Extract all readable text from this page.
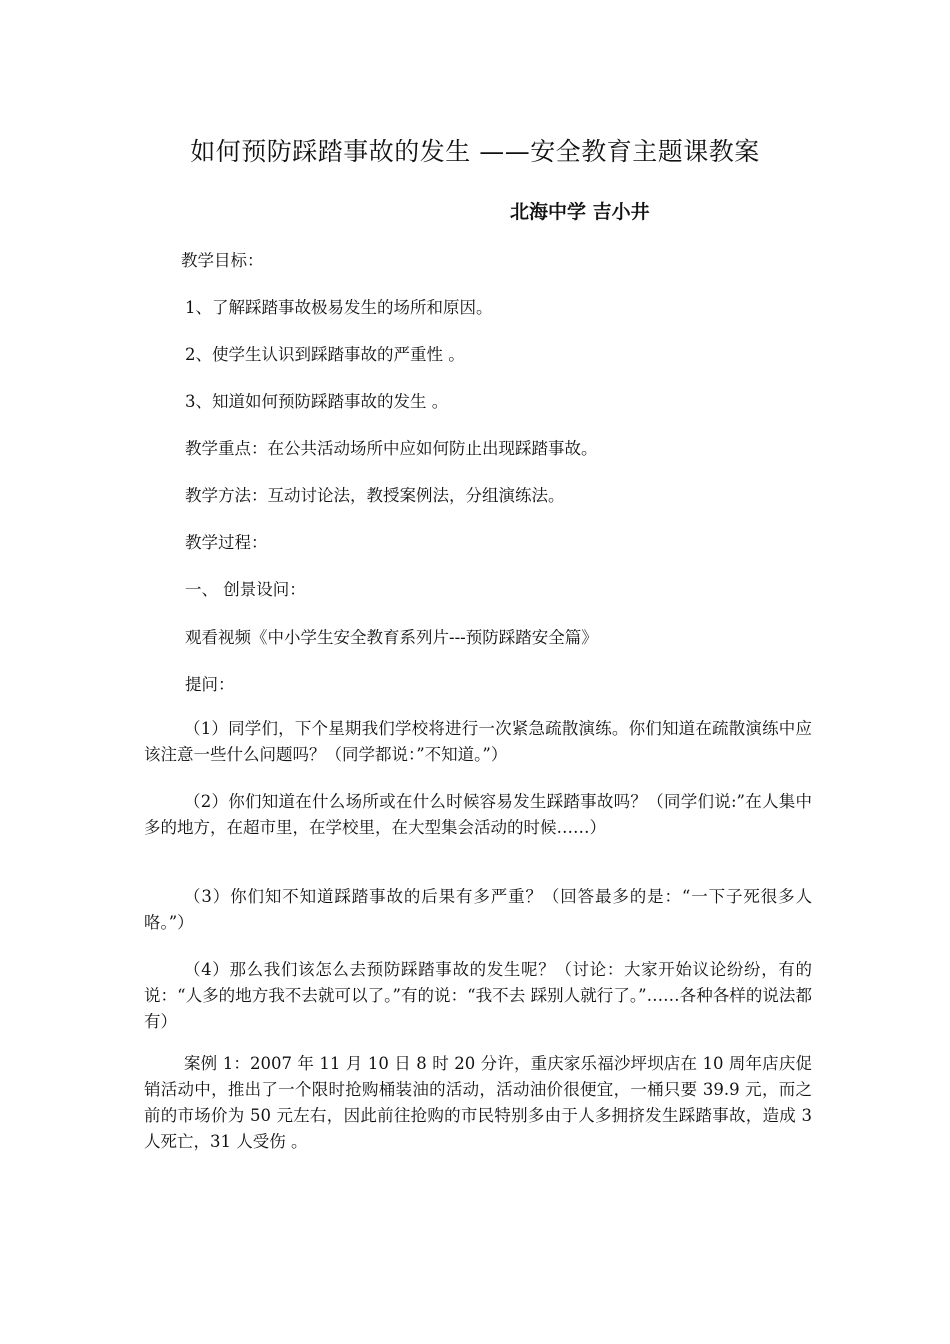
如何预防踩踏事故的发生 ——安全教育主题课教案
北海中学 吉小井

教学目标：

1、了解踩踏事故极易发生的场所和原因。

2、使学生认识到踩踏事故的严重性 。

3、知道如何预防踩踏事故的发生 。

教学重点：在公共活动场所中应如何防止出现踩踏事故。

教学方法：互动讨论法，教授案例法，分组演练法。

教学过程：

一、 创景设问：

观看视频《中小学生安全教育系列片---预防踩踏安全篇》

提问：

（1）同学们，下个星期我们学校将进行一次紧急疏散演练。你们知道在疏散演练中应该注意一些什么问题吗？（同学都说：”不知道。”）

（2）你们知道在什么场所或在什么时候容易发生踩踏事故吗？（同学们说:”在人集中多的地方，在超市里，在学校里，在大型集会活动的时候……）

（3）你们知不知道踩踏事故的后果有多严重？（回答最多的是：“一下子死很多人咯。”）

（4）那么我们该怎么去预防踩踏事故的发生呢？（讨论：大家开始议论纷纷，有的说：“人多的地方我不去就可以了。”有的说：“我不去 踩别人就行了。”……各种各样的说法都有）

案例 1：2007 年 11 月 10 日 8 时 20 分许，重庆家乐福沙坪坝店在 10 周年店庆促销活动中，推出了一个限时抢购桶装油的活动，活动油价很便宜，一桶只要 39.9 元，而之前的市场价为 50 元左右，因此前往抢购的市民特别多由于人多拥挤发生踩踏事故，造成 3 人死亡，31 人受伤 。
